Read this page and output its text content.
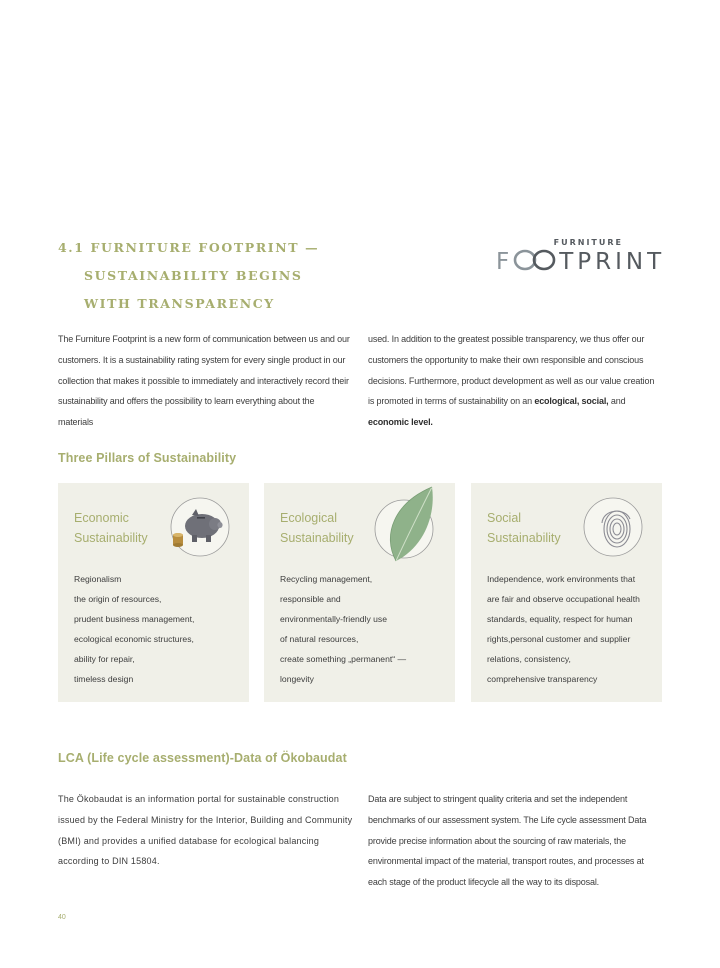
4.1 FURNITURE FOOTPRINT —
SUSTAINABILITY BEGINS
WITH TRANSPARENCY
FURNITURE
F TPRINT
The Furniture Footprint is a new form of communication between us and our customers. It is a sustainability rating system for every single product in our collection that makes it possible to immediately and interactively record their sustainability and offers the possibility to learn everything about the materials
used. In addition to the greatest possible transparency, we thus offer our customers the opportunity to make their own responsible and conscious decisions. Furthermore, product development as well as our value creation is promoted in terms of sustainability on an ecological, social, and economic level.
Three Pillars of Sustainability
Economic
Sustainability
Regionalism
the origin of resources,
prudent business management,
ecological economic structures,
ability for repair,
timeless design
Ecological
Sustainability
Recycling management,
responsible and
environmentally-friendly use
of natural resources,
create something „permanent“ —
longevity
Social
Sustainability
Independence, work environments that
are fair and observe occupational health
standards, equality, respect for human
rights,personal customer and supplier
relations, consistency,
comprehensive transparency
LCA (Life cycle assessment)-Data of Ökobaudat
The Ökobaudat is an information portal for sustainable construction issued by the Federal Ministry for the Interior, Building and Community (BMI) and provides a unified database for ecological balancing according to DIN 15804.
Data are subject to stringent quality criteria and set the independent benchmarks of our assessment system. The Life cycle assessment Data provide precise information about the sourcing of raw materials, the environmental impact of the material, transport routes, and processes at each stage of the product lifecycle all the way to its disposal.
40
